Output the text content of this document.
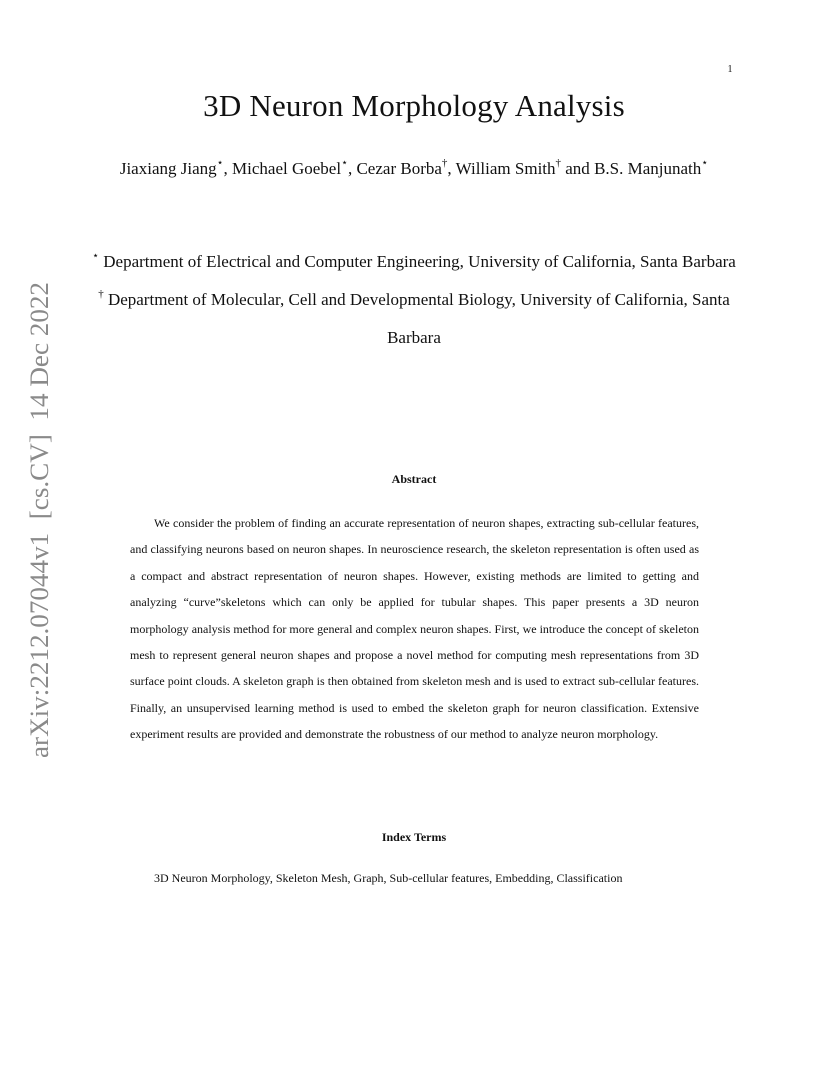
1
arXiv:2212.07044v1  [cs.CV]  14 Dec 2022
3D Neuron Morphology Analysis
Jiaxiang Jiang⋆, Michael Goebel⋆, Cezar Borba†, William Smith† and B.S. Manjunath⋆

⋆ Department of Electrical and Computer Engineering, University of California, Santa Barbara

† Department of Molecular, Cell and Developmental Biology, University of California, Santa Barbara

Abstract

We consider the problem of finding an accurate representation of neuron shapes, extracting sub-cellular features, and classifying neurons based on neuron shapes. In neuroscience research, the skeleton representation is often used as a compact and abstract representation of neuron shapes. However, existing methods are limited to getting and analyzing “curve”skeletons which can only be applied for tubular shapes. This paper presents a 3D neuron morphology analysis method for more general and complex neuron shapes. First, we introduce the concept of skeleton mesh to represent general neuron shapes and propose a novel method for computing mesh representations from 3D surface point clouds. A skeleton graph is then obtained from skeleton mesh and is used to extract sub-cellular features. Finally, an unsupervised learning method is used to embed the skeleton graph for neuron classification. Extensive experiment results are provided and demonstrate the robustness of our method to analyze neuron morphology.

Index Terms

3D Neuron Morphology, Skeleton Mesh, Graph, Sub-cellular features, Embedding, Classification
